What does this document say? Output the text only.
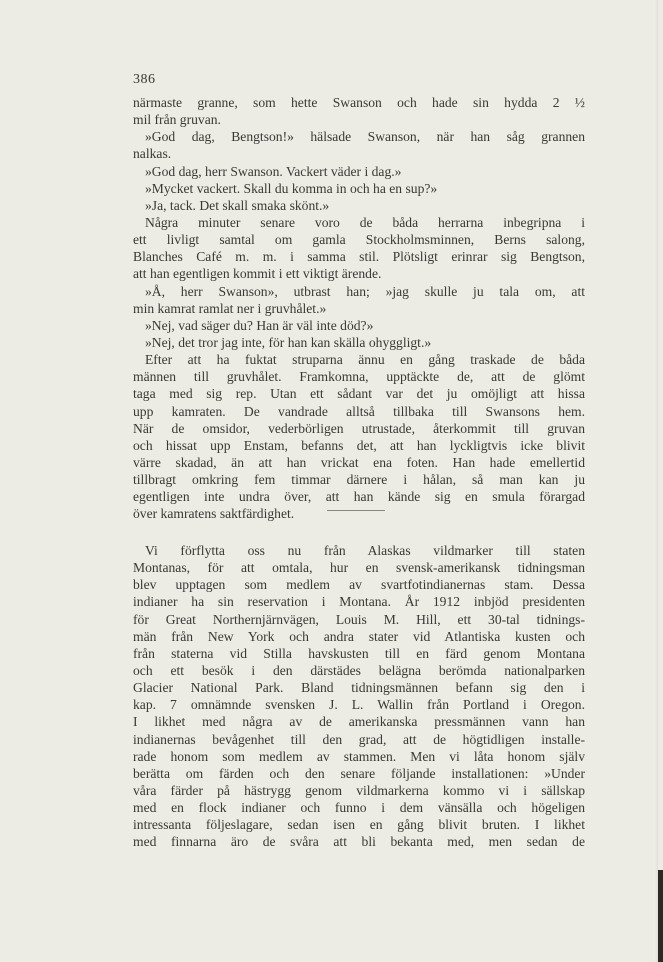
386
närmaste granne, som hette Swanson och hade sin hydda 2 ½
mil från gruvan.
»God dag, Bengtson!» hälsade Swanson, när han såg grannen
nalkas.
»God dag, herr Swanson. Vackert väder i dag.»
»Mycket vackert. Skall du komma in och ha en sup?»
»Ja, tack. Det skall smaka skönt.»
Några minuter senare voro de båda herrarna inbegripna i
ett livligt samtal om gamla Stockholmsminnen, Berns salong,
Blanches Café m. m. i samma stil. Plötsligt erinrar sig Bengtson,
att han egentligen kommit i ett viktigt ärende.
»Å, herr Swanson», utbrast han; »jag skulle ju tala om, att
min kamrat ramlat ner i gruvhålet.»
»Nej, vad säger du? Han är väl inte död?»
»Nej, det tror jag inte, för han kan skälla ohyggligt.»
Efter att ha fuktat struparna ännu en gång traskade de båda
männen till gruvhålet. Framkomna, upptäckte de, att de glömt
taga med sig rep. Utan ett sådant var det ju omöjligt att hissa
upp kamraten. De vandrade alltså tillbaka till Swansons hem.
När de omsidor, vederbörligen utrustade, återkommit till gruvan
och hissat upp Enstam, befanns det, att han lyckligtvis icke blivit
värre skadad, än att han vrickat ena foten. Han hade emellertid
tillbragt omkring fem timmar därnere i hålan, så man kan ju
egentligen inte undra över, att han kände sig en smula förargad
över kamratens saktfärdighet.
Vi förflytta oss nu från Alaskas vildmarker till staten
Montanas, för att omtala, hur en svensk-amerikansk tidningsman
blev upptagen som medlem av svartfotindianernas stam. Dessa
indianer ha sin reservation i Montana. År 1912 inbjöd presidenten
för Great Northernjärnvägen, Louis M. Hill, ett 30-tal tidnings-
män från New York och andra stater vid Atlantiska kusten och
från staterna vid Stilla havskusten till en färd genom Montana
och ett besök i den därstädes belägna berömda nationalparken
Glacier National Park. Bland tidningsmännen befann sig den i
kap. 7 omnämnde svensken J. L. Wallin från Portland i Oregon.
I likhet med några av de amerikanska pressmännen vann han
indianernas bevågenhet till den grad, att de högtidligen installe-
rade honom som medlem av stammen. Men vi låta honom själv
berätta om färden och den senare följande installationen: »Under
våra färder på hästrygg genom vildmarkerna kommo vi i sällskap
med en flock indianer och funno i dem vänsälla och högeligen
intressanta följeslagare, sedan isen en gång blivit bruten. I likhet
med finnarna äro de svåra att bli bekanta med, men sedan de
